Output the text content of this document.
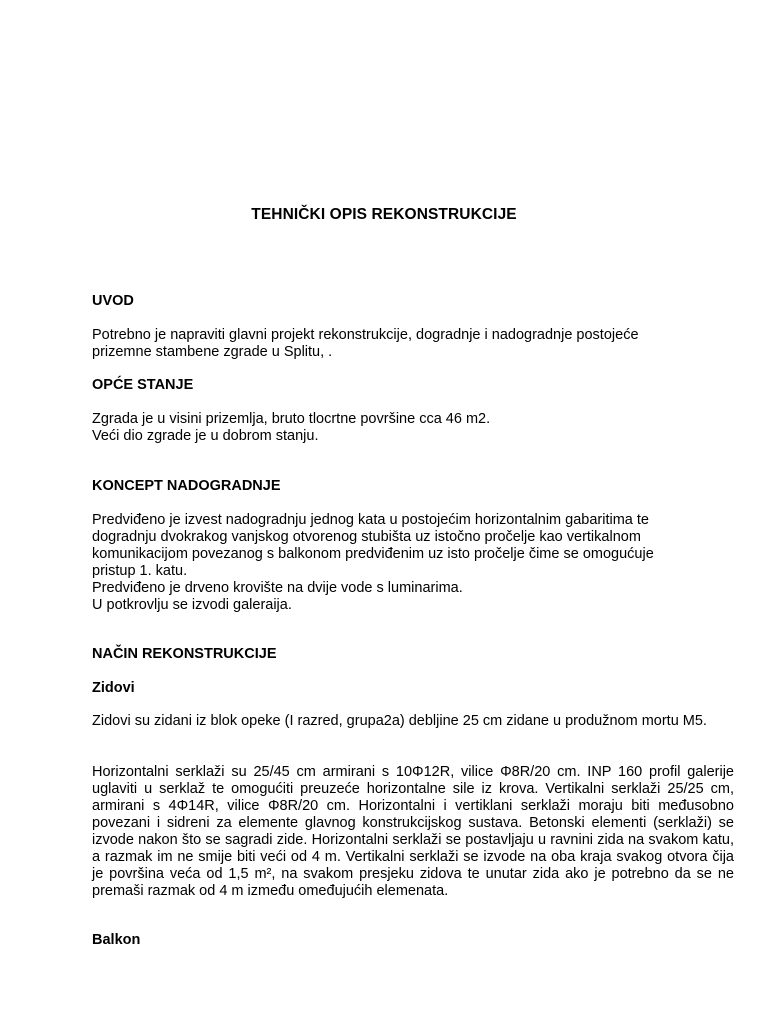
TEHNIČKI OPIS REKONSTRUKCIJE
UVOD
Potrebno je napraviti glavni projekt rekonstrukcije, dogradnje i nadogradnje postojeće
prizemne stambene zgrade u Splitu, .
OPĆE STANJE
Zgrada je u visini prizemlja, bruto tlocrtne površine cca 46 m2.
Veći dio zgrade je u dobrom stanju.
KONCEPT NADOGRADNJE
Predviđeno je izvest nadogradnju jednog kata u postojećim horizontalnim gabaritima te
dogradnju dvokrakog vanjskog otvorenog stubišta uz istočno pročelje kao vertikalnom
komunikacijom povezanog s balkonom predviđenim uz isto pročelje čime se omogućuje
pristup 1. katu.
Predviđeno je drveno krovište na dvije vode s luminarima.
U potkrovlju se izvodi galeraija.
NAČIN REKONSTRUKCIJE
Zidovi
Zidovi su zidani iz blok opeke (I razred, grupa2a) debljine 25 cm zidane u produžnom mortu M5.
Horizontalni serklaži su 25/45 cm armirani s 10Φ12R, vilice Φ8R/20 cm. INP 160 profil galerije uglaviti u serklaž te omogućiti preuzeće horizontalne sile iz krova. Vertikalni serklaži 25/25 cm, armirani s 4Φ14R, vilice Φ8R/20 cm. Horizontalni i vertiklani serklaži moraju biti međusobno povezani i sidreni za elemente glavnog konstrukcijskog sustava. Betonski elementi (serklaži) se izvode nakon što se sagradi zide. Horizontalni serklaži se postavljaju u ravnini zida na svakom katu, a razmak im ne smije biti veći od 4 m. Vertikalni serklaži se izvode na oba kraja svakog otvora čija je površina veća od 1,5 m², na svakom presjeku zidova te unutar zida ako je potrebno da se ne premaši razmak od 4 m između omeđujućih elemenata.
Balkon
